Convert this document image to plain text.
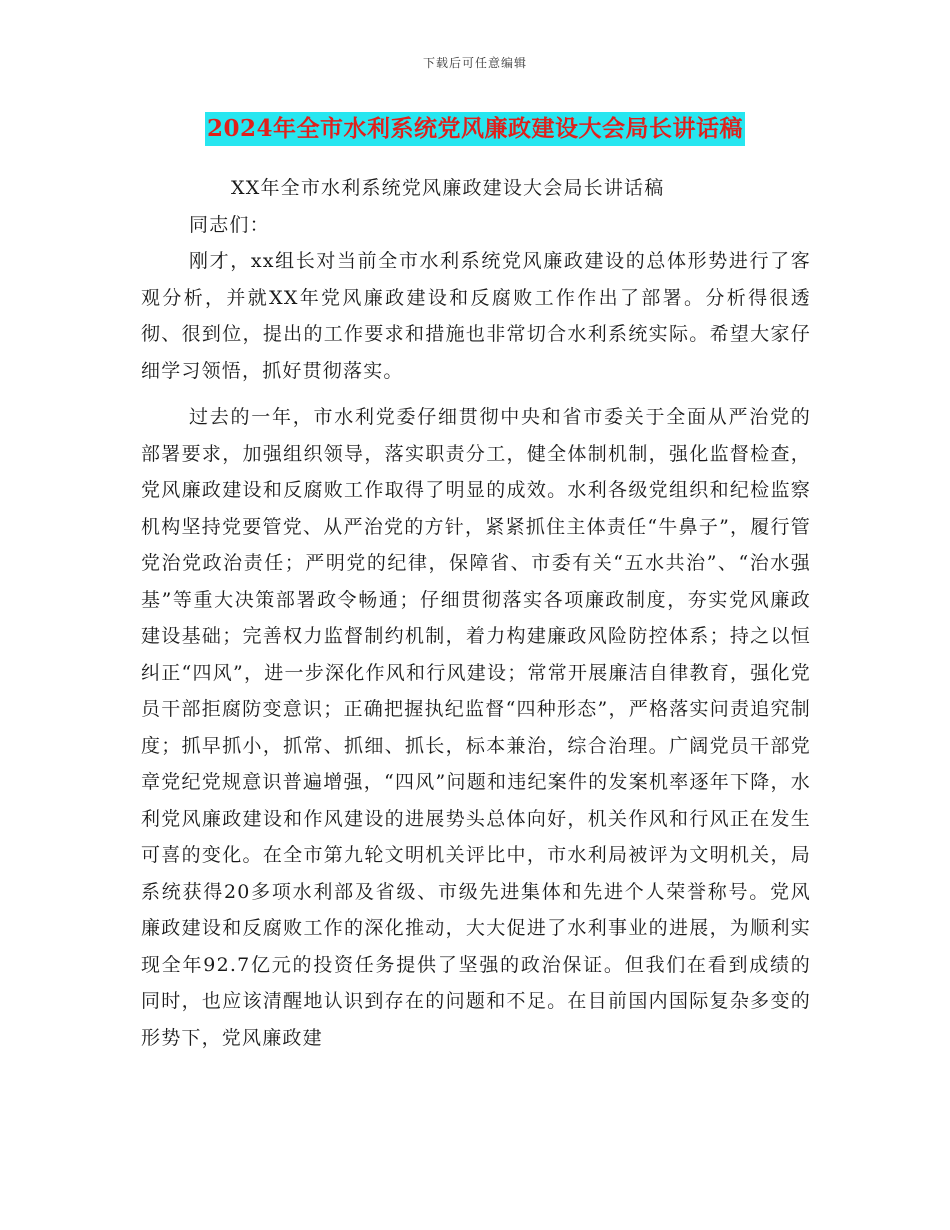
下载后可任意编辑
2024年全市水利系统党风廉政建设大会局长讲话稿

XX年全市水利系统党风廉政建设大会局长讲话稿

同志们：

刚才，xx组长对当前全市水利系统党风廉政建设的总体形势进行了客观分析，并就XX年党风廉政建设和反腐败工作作出了部署。分析得很透彻、很到位，提出的工作要求和措施也非常切合水利系统实际。希望大家仔细学习领悟，抓好贯彻落实。

过去的一年，市水利党委仔细贯彻中央和省市委关于全面从严治党的部署要求，加强组织领导，落实职责分工，健全体制机制，强化监督检查，党风廉政建设和反腐败工作取得了明显的成效。水利各级党组织和纪检监察机构坚持党要管党、从严治党的方针，紧紧抓住主体责任“牛鼻子”，履行管党治党政治责任；严明党的纪律，保障省、市委有关“五水共治”、“治水强基”等重大决策部署政令畅通；仔细贯彻落实各项廉政制度，夯实党风廉政建设基础；完善权力监督制约机制，着力构建廉政风险防控体系；持之以恒纠正“四风”，进一步深化作风和行风建设；常常开展廉洁自律教育，强化党员干部拒腐防变意识；正确把握执纪监督“四种形态”，严格落实问责追究制度；抓早抓小，抓常、抓细、抓长，标本兼治，综合治理。广阔党员干部党章党纪党规意识普遍增强，“四风”问题和违纪案件的发案机率逐年下降，水利党风廉政建设和作风建设的进展势头总体向好，机关作风和行风正在发生可喜的变化。在全市第九轮文明机关评比中，市水利局被评为文明机关，局系统获得20多项水利部及省级、市级先进集体和先进个人荣誉称号。党风廉政建设和反腐败工作的深化推动，大大促进了水利事业的进展，为顺利实现全年92.7亿元的投资任务提供了坚强的政治保证。但我们在看到成绩的同时，也应该清醒地认识到存在的问题和不足。在目前国内国际复杂多变的形势下，党风廉政建
